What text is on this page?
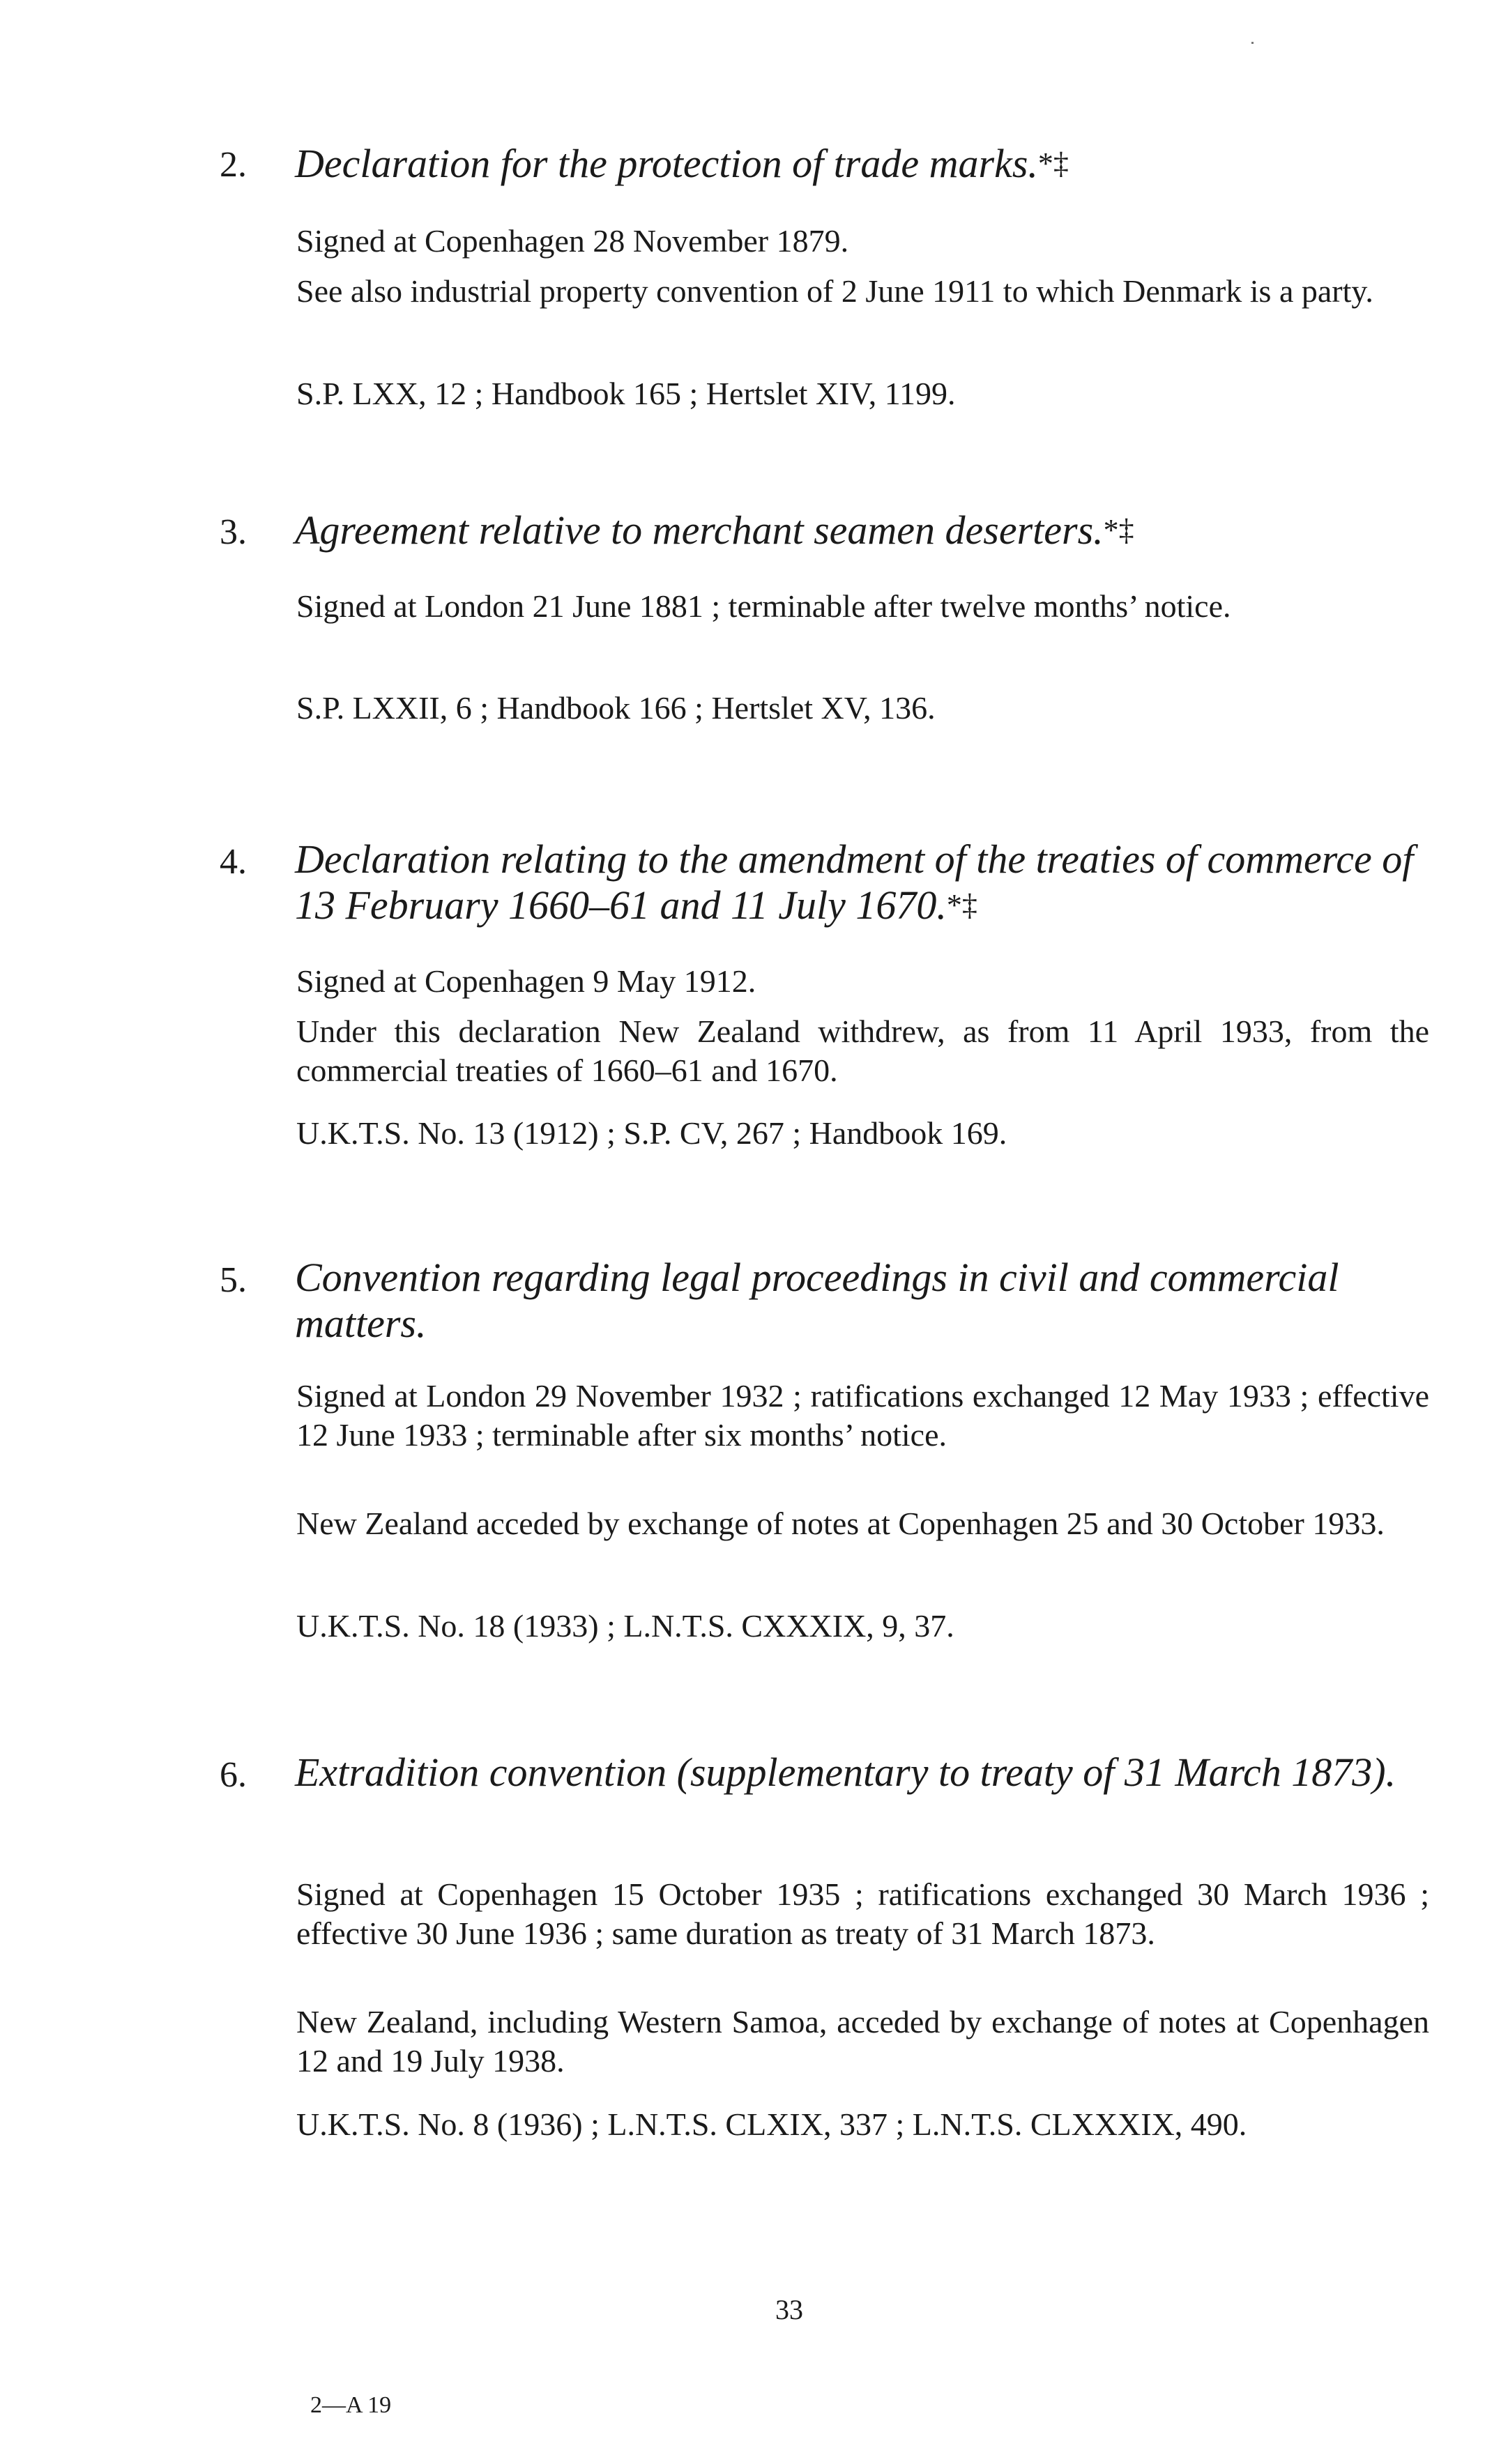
2. Declaration for the protection of trade marks.*‡
Signed at Copenhagen 28 November 1879.
See also industrial property convention of 2 June 1911 to which Denmark is a party.
S.P. LXX, 12 ; Handbook 165 ; Hertslet XIV, 1199.
3. Agreement relative to merchant seamen deserters.*‡
Signed at London 21 June 1881 ; terminable after twelve months’ notice.
S.P. LXXII, 6 ; Handbook 166 ; Hertslet XV, 136.
4. Declaration relating to the amendment of the treaties of commerce of 13 February 1660–61 and 11 July 1670.*‡
Signed at Copenhagen 9 May 1912.
Under this declaration New Zealand withdrew, as from 11 April 1933, from the commercial treaties of 1660–61 and 1670.
U.K.T.S. No. 13 (1912) ; S.P. CV, 267 ; Handbook 169.
5. Convention regarding legal proceedings in civil and commercial matters.
Signed at London 29 November 1932 ; ratifications exchanged 12 May 1933 ; effective 12 June 1933 ; terminable after six months’ notice.
New Zealand acceded by exchange of notes at Copenhagen 25 and 30 October 1933.
U.K.T.S. No. 18 (1933) ; L.N.T.S. CXXXIX, 9, 37.
6. Extradition convention (supplementary to treaty of 31 March 1873).
Signed at Copenhagen 15 October 1935 ; ratifications exchanged 30 March 1936 ; effective 30 June 1936 ; same duration as treaty of 31 March 1873.
New Zealand, including Western Samoa, acceded by exchange of notes at Copenhagen 12 and 19 July 1938.
U.K.T.S. No. 8 (1936) ; L.N.T.S. CLXIX, 337 ; L.N.T.S. CLXXXIX, 490.
33
2—A 19
